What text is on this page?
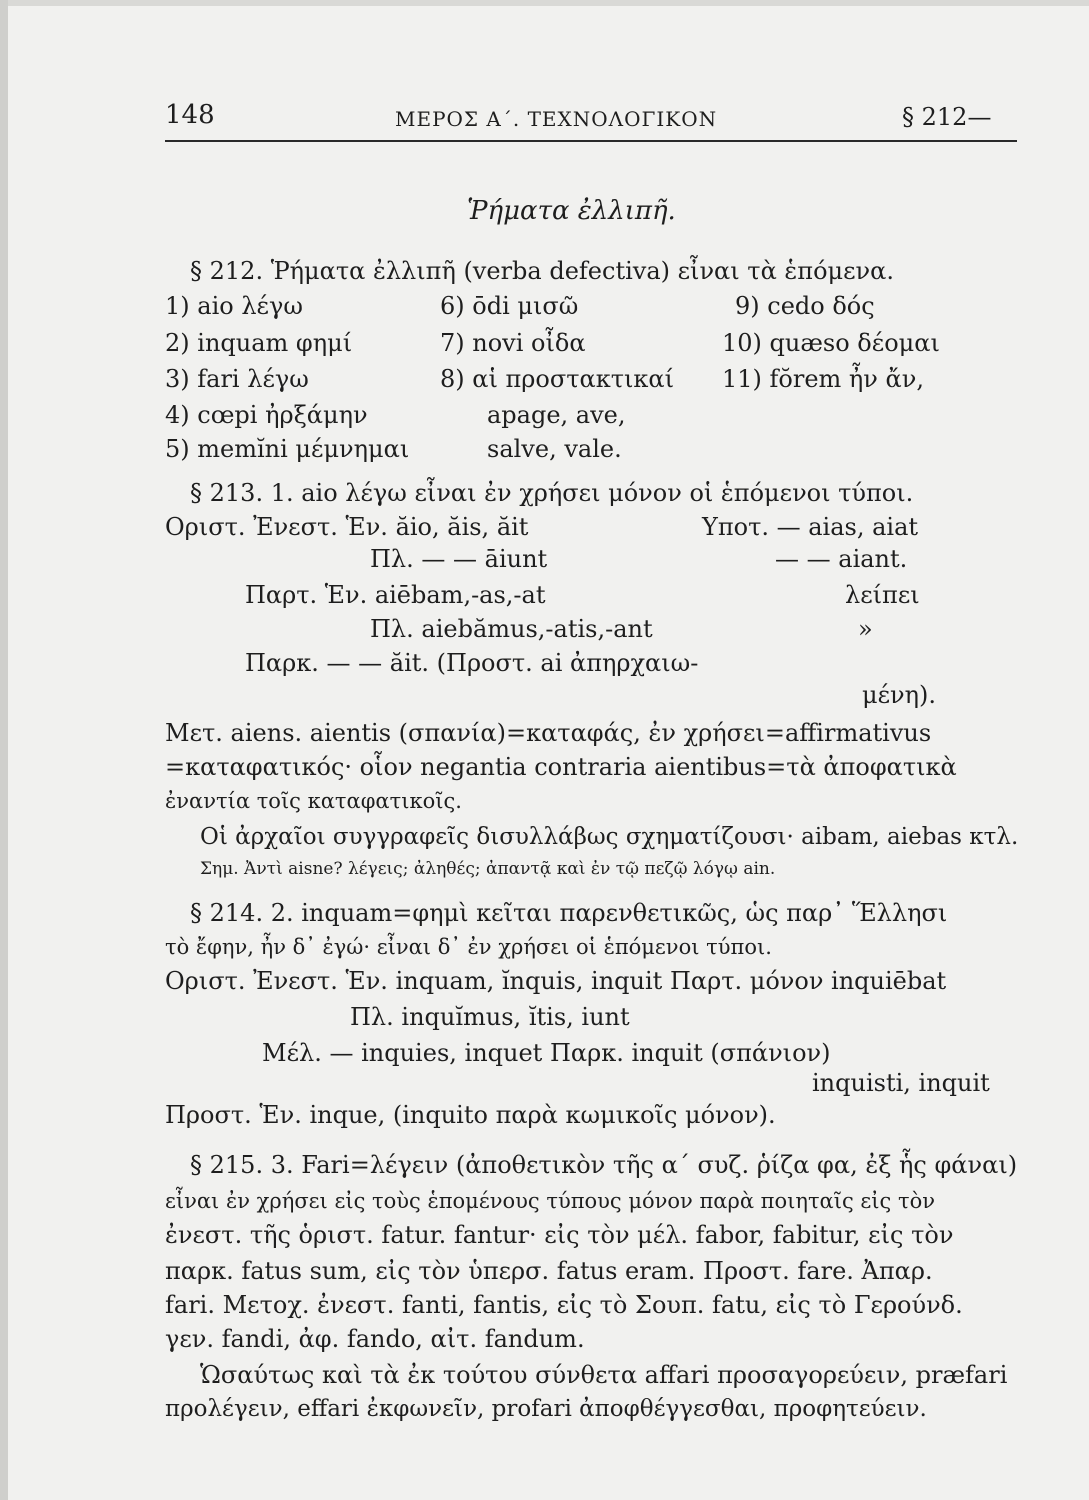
148	ΜΕΡΟΣ Α΄. ΤΕΧΝΟΛΟΓΙΚΟΝ	§ 212—
Ῥήματα ἐλλιπῆ.
§ 212. Ῥήματα ἐλλιπῆ (verba defectiva) εἶναι τὰ ἑπόμενα.
1) aio λέγω	6) ōdi μισῶ	9) cedo δός
2) inquam φημί	7) novi οἶδα	10) quæso δέομαι
3) fari λέγω	8) αἱ προστακτικαί 11) fŏrem ἦν ἄν,
4) cœpi ἠρξάμην	apage, ave,
5) memĭni μέμνημαι	salve, vale.
§ 213. 1. aio λέγω εἶναι ἐν χρήσει μόνον οἱ ἑπόμενοι τύποι.
Οριστ. Ἐνεστ. Ἑν. ăio, ăis, ăit	Υποτ. — aias, aiat
Πλ. — — āiunt	— — aiant.
Παρτ. Ἑν. aiēbam,-as,-at	λείπει
Πλ. aiebămus,-atis,-ant	»
Παρκ. — — ăit. (Προστ. ai ἀπηρχαιω-
μένη).
Μετ. aiens. aientis (σπανία)=καταφάς, ἐν χρήσει=affirmativus
=καταφατικός· οἷον negantia contraria aientibus=τὰ ἀποφατικὰ
ἐναντία τοῖς καταφατικοῖς.
Οἱ ἀρχαῖοι συγγραφεῖς δισυλλάβως σχηματίζουσι· aibam, aiebas κτλ.
Σημ. Ἀντὶ aisne? λέγεις; ἀληθές; ἀπαντᾷ καὶ ἐν τῷ πεζῷ λόγῳ ain.
§ 214. 2. inquam=φημὶ κεῖται παρενθετικῶς, ὡς παρ᾽ Ἕλλησι
τὸ ἔφην, ἦν δ᾽ ἐγώ· εἶναι δ᾽ ἐν χρήσει οἱ ἑπόμενοι τύποι.
Οριστ. Ἐνεστ. Ἑν. inquam, ĭnquis, inquit Παρτ. μόνον inquiēbat
Πλ. inquĭmus, ĭtis, iunt
Μέλ. — inquies, inquet Παρκ. inquit (σπάνιον)
inquisti, inquit
Προστ. Ἑν. inque, (inquito παρὰ κωμικοῖς μόνον).
§ 215. 3. Fari=λέγειν (ἀποθετικὸν τῆς α΄ συζ. ῥίζα φα, ἐξ ἧς φάναι)
εἶναι ἐν χρήσει εἰς τοὺς ἑπομένους τύπους μόνον παρὰ ποιηταῖς εἰς τὸν
ἐνεστ. τῆς ὁριστ. fatur. fantur· εἰς τὸν μέλ. fabor, fabitur, εἰς τὸν
παρκ. fatus sum, εἰς τὸν ὑπερσ. fatus eram. Προστ. fare. Ἀπαρ.
fari. Μετοχ. ἐνεστ. fanti, fantis, εἰς τὸ Σουπ. fatu, εἰς τὸ Γερούνδ.
γεν. fandi, ἀφ. fando, αἰτ. fandum.
Ὡσαύτως καὶ τὰ ἐκ τούτου σύνθετα affari προσαγορεύειν, præfari
προλέγειν, effari ἐκφωνεῖν, profari ἀποφθέγγεσθαι, προφητεύειν.
